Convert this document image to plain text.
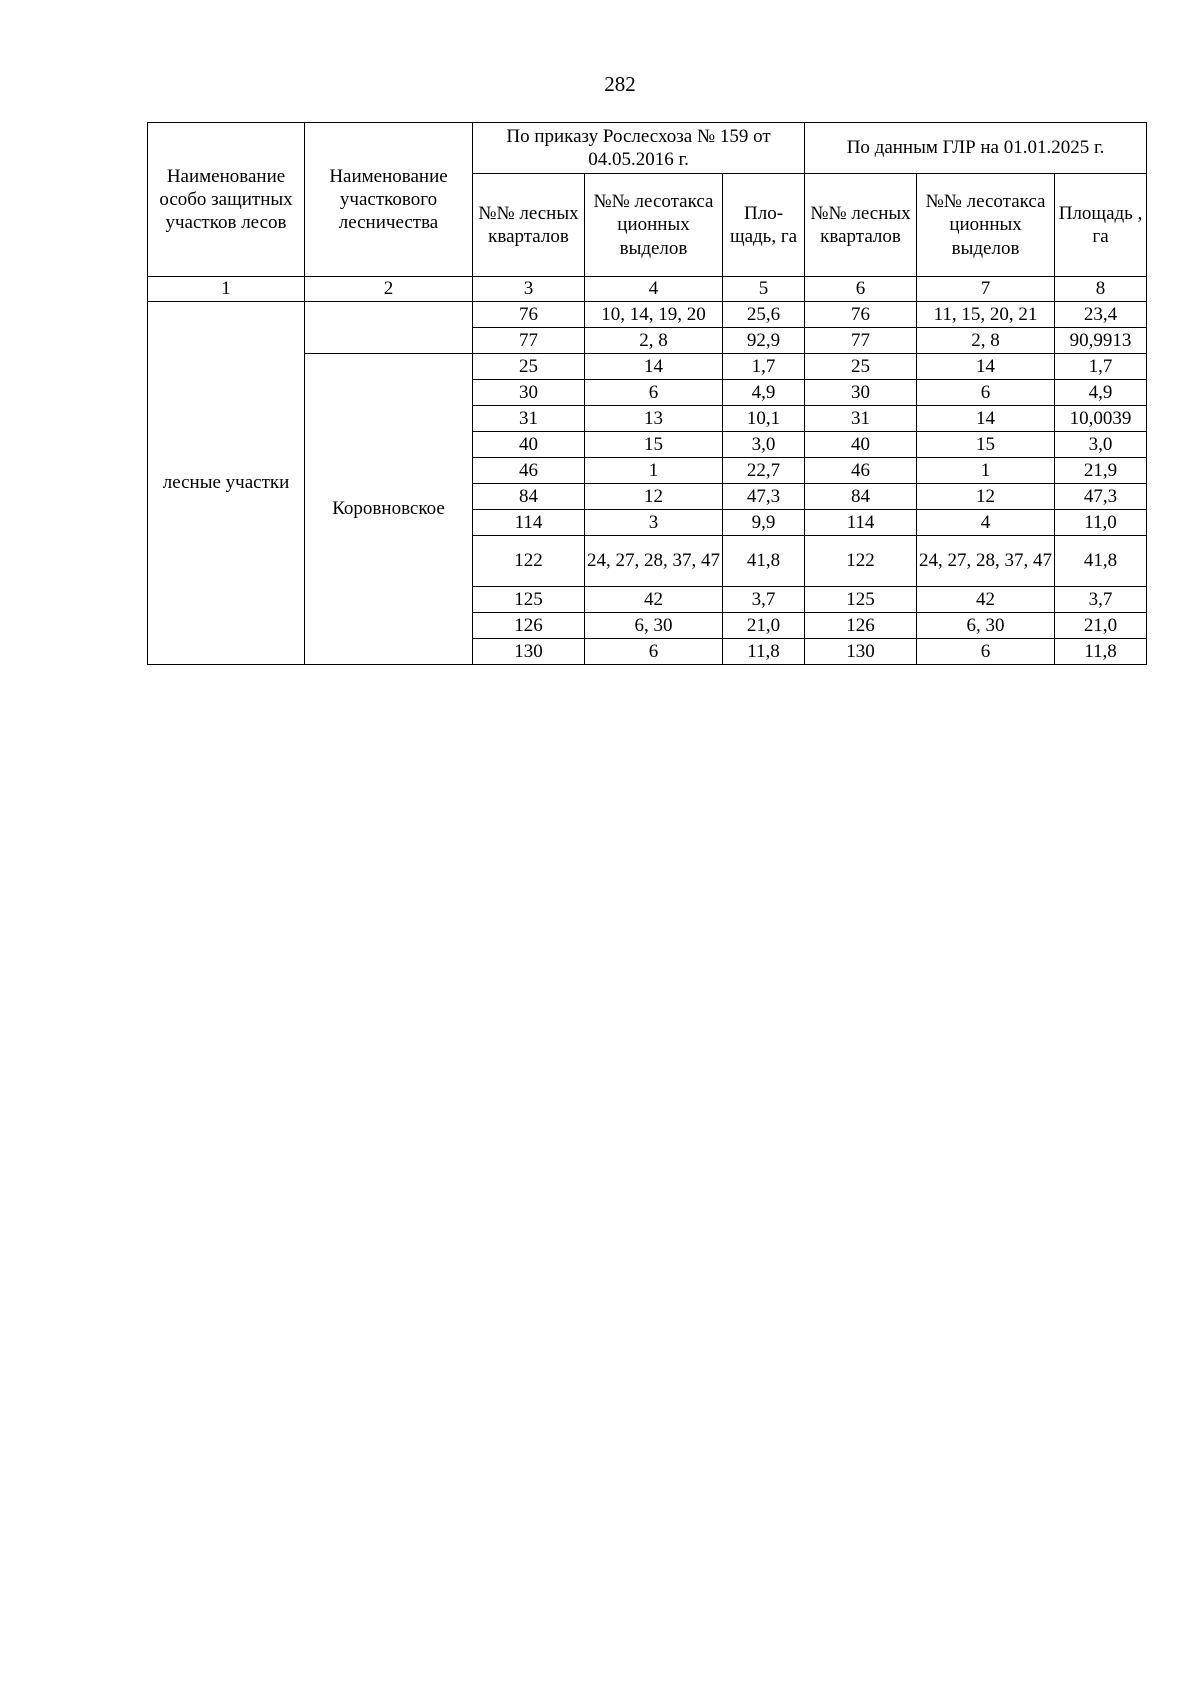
282
Наименование особо защитных участков лесов	Наименование участкового лесничества	По приказу Рослесхоза № 159 от 04.05.2016 г.			По данным ГЛР на 01.01.2025 г.		
		№№ лесных кварталов	№№ лесотакса ционных выделов	Пло-щадь, га	№№ лесных кварталов	№№ лесотакса ционных выделов	Площадь , га
1	2	3	4	5	6	7	8
лесные участки		76	10, 14, 19, 20	25,6	76	11, 15, 20, 21	23,4
		77	2, 8	92,9	77	2, 8	90,9913
	Коровновское	25	14	1,7	25	14	1,7
		30	6	4,9	30	6	4,9
		31	13	10,1	31	14	10,0039
		40	15	3,0	40	15	3,0
		46	1	22,7	46	1	21,9
		84	12	47,3	84	12	47,3
		114	3	9,9	114	4	11,0
		122	24, 27, 28, 37, 47	41,8	122	24, 27, 28, 37, 47	41,8
		125	42	3,7	125	42	3,7
		126	6, 30	21,0	126	6, 30	21,0
		130	6	11,8	130	6	11,8
